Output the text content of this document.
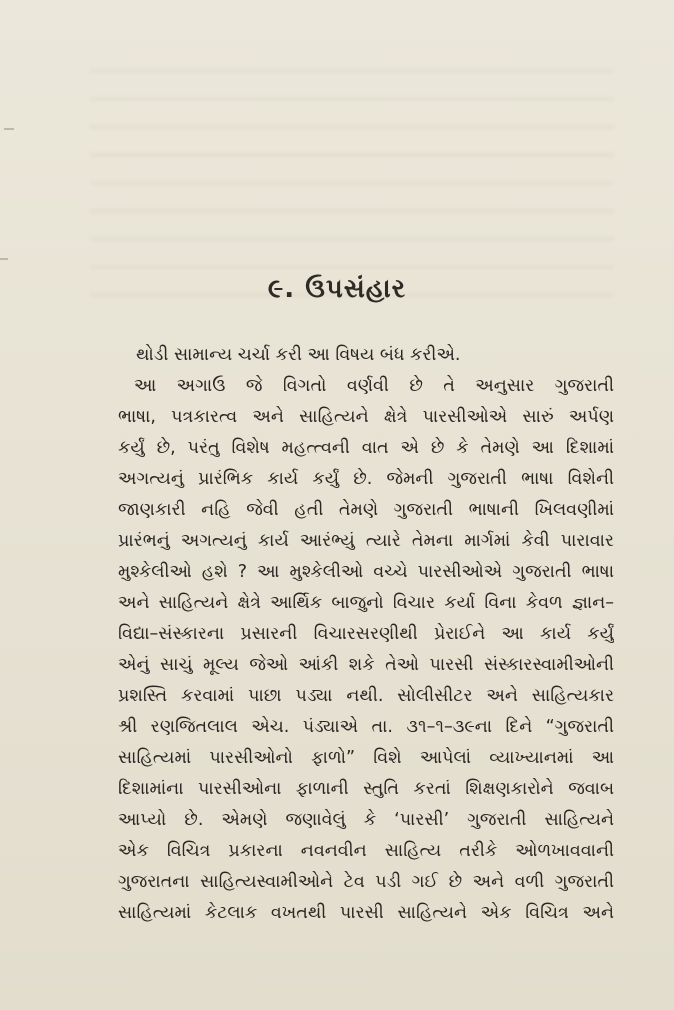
૯. ઉપસંહાર
થોડી સામાન્ય ચર્ચા કરી આ વિષય બંધ કરીએ.
આ અગાઉ જે વિગતો વર્ણવી છે તે અનુસાર ગુજરાતી
ભાષા, પત્રકારત્વ અને સાહિત્યને ક્ષેત્રે પારસીઓએ સારું અર્પણ
કર્યું છે, પરંતુ વિશેષ મહત્ત્વની વાત એ છે કે તેમણે આ દિશામાં
અગત્યનું પ્રારંભિક કાર્ય કર્યું છે. જેમની ગુજરાતી ભાષા વિશેની
જાણકારી નહિ જેવી હતી તેમણે ગુજરાતી ભાષાની ખિલવણીમાં
પ્રારંભનું અગત્યનું કાર્ય આરંભ્યું ત્યારે તેમના માર્ગમાં કેવી પારાવાર
મુશ્કેલીઓ હશે ? આ મુશ્કેલીઓ વચ્ચે પારસીઓએ ગુજરાતી ભાષા
અને સાહિત્યને ક્ષેત્રે આર્થિક બાજુનો વિચાર કર્યા વિના કેવળ જ્ઞાન–
વિદ્યા–સંસ્કારના પ્રસારની વિચારસરણીથી પ્રેરાઈને આ કાર્ય કર્યું
એનું સાચું મૂલ્ય જેઓ આંકી શકે તેઓ પારસી સંસ્કારસ્વામીઓની
પ્રશસ્તિ કરવામાં પાછા પડ્યા નથી. સોલીસીટર અને સાહિત્યકાર
શ્રી રણજિતલાલ એચ. પંડ્યાએ તા. ૩૧–૧–૩૯ના દિને “ગુજરાતી
સાહિત્યમાં પારસીઓનો ફાળો” વિશે આપેલાં વ્યાખ્યાનમાં આ
દિશામાંના પારસીઓના ફાળાની સ્તુતિ કરતાં શિક્ષણકારોને જવાબ
આપ્યો છે. એમણે જણાવેલું કે ‘પારસી’ ગુજરાતી સાહિત્યને
એક વિચિત્ર પ્રકારના નવનવીન સાહિત્ય તરીકે ઓળખાવવાની
ગુજરાતના સાહિત્યસ્વામીઓને ટેવ પડી ગઈ છે અને વળી ગુજરાતી
સાહિત્યમાં કેટલાક વખતથી પારસી સાહિત્યને એક વિચિત્ર અને
